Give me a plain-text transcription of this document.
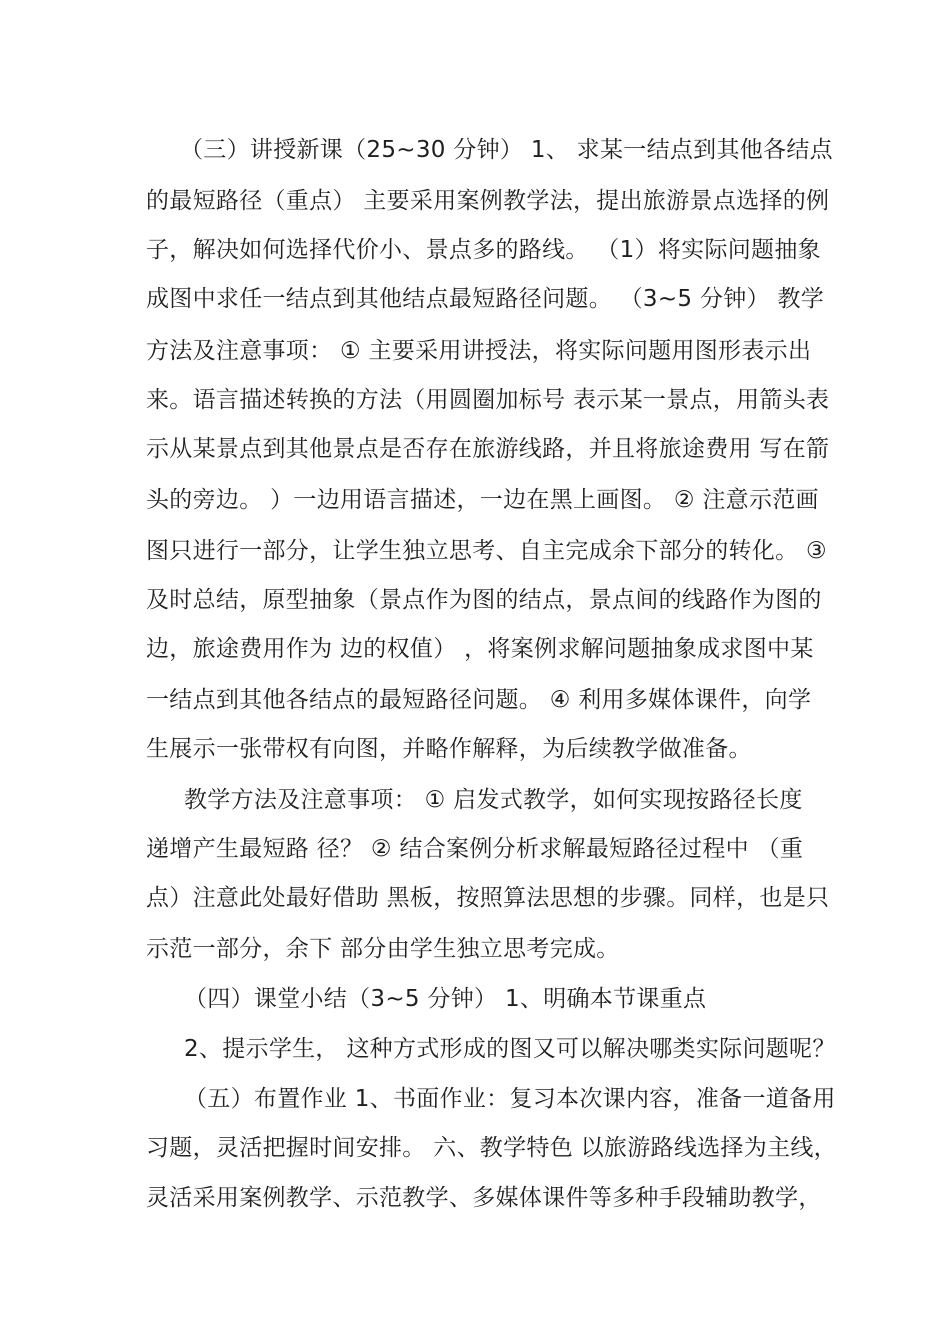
（三）讲授新课（25~30 分钟） 1、 求某一结点到其他各结点
的最短路径（重点） 主要采用案例教学法，提出旅游景点选择的例
子，解决如何选择代价小、景点多的路线。 （1）将实际问题抽象
成图中求任一结点到其他结点最短路径问题。 （3~5 分钟） 教学
方法及注意事项： ① 主要采用讲授法，将实际问题用图形表示出
来。语言描述转换的方法（用圆圈加标号 表示某一景点，用箭头表
示从某景点到其他景点是否存在旅游线路，并且将旅途费用 写在箭
头的旁边。 ）一边用语言描述，一边在黑上画图。 ② 注意示范画
图只进行一部分，让学生独立思考、自主完成余下部分的转化。 ③
及时总结，原型抽象（景点作为图的结点，景点间的线路作为图的
边，旅途费用作为 边的权值） ，将案例求解问题抽象成求图中某
一结点到其他各结点的最短路径问题。 ④ 利用多媒体课件，向学
生展示一张带权有向图，并略作解释，为后续教学做准备。
教学方法及注意事项： ① 启发式教学，如何实现按路径长度
递增产生最短路 径？ ② 结合案例分析求解最短路径过程中 （重
点）注意此处最好借助 黑板，按照算法思想的步骤。同样，也是只
示范一部分，余下 部分由学生独立思考完成。
（四）课堂小结（3~5 分钟） 1、明确本节课重点
2、提示学生， 这种方式形成的图又可以解决哪类实际问题呢？
（五）布置作业 1、书面作业：复习本次课内容，准备一道备用
习题，灵活把握时间安排。 六、教学特色 以旅游路线选择为主线，
灵活采用案例教学、示范教学、多媒体课件等多种手段辅助教学，
